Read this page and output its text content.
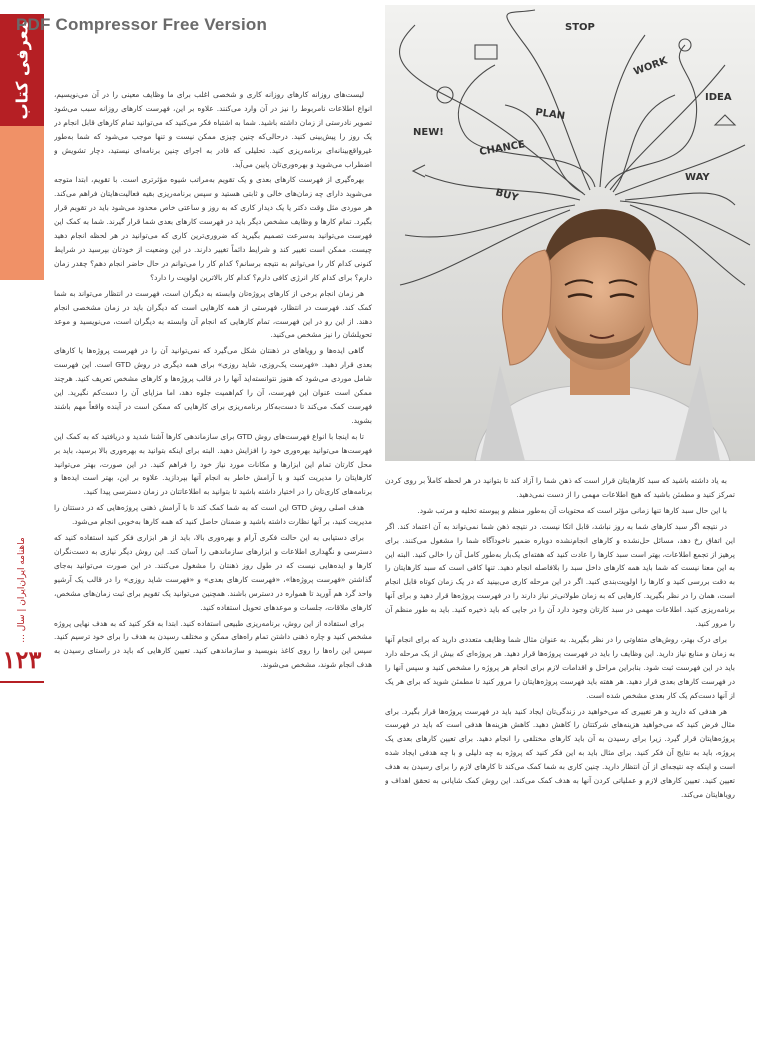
معرفی کتاب
ماهنامه ایران‌ایران | سال ...
۱۲۳
PDF Compressor Free Version

لیست‌های روزانه کارهای روزانه کاری و شخصی اغلب برای ما وظایف معینی را در آن می‌نویسیم، انواع اطلاعات نامربوط را نیز در آن وارد می‌کنند. علاوه بر این، فهرست کارهای روزانه سبب می‌شود تصویر نادرستی از زمان داشته باشید. شما به اشتباه فکر می‌کنید که می‌توانید تمام کارهای قابل انجام در یک روز را پیش‌بینی کنید. درحالی‌که چنین چیزی ممکن نیست و تنها موجب می‌شود که شما به‌طور غیرواقع‌بینانه‌ای برنامه‌ریزی کنید. تحلیلی که قادر به اجرای چنین برنامه‌ای نیستید، دچار تشویش و اضطراب می‌شوید و بهره‌وری‌تان پایین می‌آید.

بهره‌گیری از فهرست کارهای بعدی و یک تقویم به‌مراتب شیوه مؤثرتری است. با تقویم، ابتدا متوجه می‌شوید دارای چه زمان‌های خالی و ثابتی هستید و سپس برنامه‌ریزی بقیه فعالیت‌هایتان فراهم می‌کند. هر موردی مثل وقت دکتر یا یک دیدار کاری که به روز و ساعتی خاص محدود می‌شود باید در تقویم قرار بگیرد. تمام کارها و وظایف مشخص دیگر باید در فهرست کارهای بعدی شما قرار گیرند. شما به کمک این فهرست می‌توانید به‌سرعت تصمیم بگیرید که ضروری‌ترین کاری که می‌توانید در هر لحظه انجام دهید چیست. ممکن است تغییر کند و شرایط دائماً تغییر دارند. در این وضعیت از خودتان بپرسید در شرایط کنونی کدام کار را می‌توانم به نتیجه برسانم؟ کدام کار را می‌توانم در حال حاضر انجام دهم؟ چقدر زمان دارم؟ برای کدام کار انرژی کافی دارم؟ کدام کار بالاترین اولویت را دارد؟

هر زمان انجام برخی از کارهای پروژه‌تان وابسته به دیگران است، فهرست در انتظار می‌تواند به شما کمک کند. فهرست در انتظار، فهرستی از همه کارهایی است که دیگران باید در زمان مشخصی انجام دهند. از این رو در این فهرست، تمام کارهایی که انجام آن وابسته به دیگران است، می‌نویسید و موعد تحویلشان را نیز مشخص می‌کنید.

گاهی ایده‌ها و رویاهای در ذهنتان شکل می‌گیرد که نمی‌توانید آن را در فهرست پروژه‌ها یا کارهای بعدی قرار دهید. «فهرست یک‌روزی، شاید روزی» برای همه دیگری در روش GTD است. این فهرست شامل موردی می‌شود که هنوز نتوانسته‌اید آنها را در قالب پروژه‌ها و کارهای مشخص تعریف کنید. هرچند ممکن است عنوان این فهرست، آن را کم‌اهمیت جلوه دهد، اما مزایای آن را دست‌کم نگیرید. این فهرست کمک می‌کند تا دست‌به‌کار برنامه‌ریزی برای کارهایی که ممکن است در آینده واقعاً مهم باشند بشوید.

تا به اینجا با انواع فهرست‌های روش GTD برای سازماندهی کارها آشنا شدید و دریافتید که به کمک این فهرست‌ها می‌توانید بهره‌وری خود را افزایش دهید. البته برای اینکه بتوانید به بهره‌وری بالا برسید، باید بر محل کارتان تمام این ابزارها و مکانات مورد نیاز خود را فراهم کنید. در این صورت، بهتر می‌توانید کارهایتان را مدیریت کنید و با آرامش خاطر به انجام آنها بپردازید. علاوه بر این، بهتر است ایده‌ها و برنامه‌های کاری‌تان را در اختیار داشته باشید تا بتوانید به اطلاعاتتان در زمان دسترسی پیدا کنید.

هدف اصلی روش GTD این است که به شما کمک کند تا با آرامش ذهنی پروژه‌هایی که در دستتان را مدیریت کنید، بر آنها نظارت داشته باشید و ضمنان حاصل کنید که همه کارها به‌خوبی انجام می‌شود.

برای دستیابی به این حالت فکری آرام و بهره‌وری بالا، باید از هر ابزاری فکر کنید استفاده کنید که دسترسی و نگهداری اطلاعات و ابزارهای سازماندهی را آسان کند. این روش دیگر نیازی به دست‌نگران کارها و ایده‌هایی نیست که در طول روز ذهنتان را مشغول می‌کنند. در این صورت می‌توانید به‌جای گذاشتن «فهرست پروژه‌ها»، «فهرست کارهای بعدی» و «فهرست شاید روزی» را در قالب یک آرشیو واحد گرد هم آورید تا همواره در دسترس باشند. همچنین می‌توانید یک تقویم برای ثبت زمان‌های مشخص، کارهای ملاقات، جلسات و موعدهای تحویل استفاده کنید.

برای استفاده از این روش، برنامه‌ریزی طبیعی استفاده کنید. ابتدا به فکر کنید که به هدف نهایی پروژه مشخص کنید و چاره ذهنی داشتن تمام راه‌های ممکن و مختلف رسیدن به هدف را برای خود ترسیم کنید. سپس این راه‌ها را روی کاغذ بنویسید و سازماندهی کنید. تعیین کارهایی که باید در راستای رسیدن به هدف انجام شوند، مشخص می‌شوند.

WORK
BUY
STOP
NEW!
CHANCE
WAY
PLAN
IDEA

به یاد داشته باشید که سبد کارهایتان قرار است که ذهن شما را آزاد کند تا بتوانید در هر لحظه کاملاً بر روی کردن تمرکز کنید و مطمئن باشید که هیچ اطلاعات مهمی را از دست نمی‌دهید.

با این حال سبد کارها تنها زمانی مؤثر است که محتویات آن به‌طور منظم و پیوسته تخلیه و مرتب شود.

در نتیجه اگر سبد کارهای شما به روز نباشد، قابل اتکا نیست. در نتیجه ذهن شما نمی‌تواند به آن اعتماد کند. اگر این اتفاق رخ دهد، مسائل حل‌نشده و کارهای انجام‌نشده دوباره ضمیر ناخودآگاه شما را مشغول می‌کنند. برای پرهیز از تجمع اطلاعات، بهتر است سبد کارها را عادت کنید که هفته‌ای یک‌بار به‌طور کامل آن را خالی کنید. البته این به این معنا نیست که شما باید همه کارهای داخل سبد را بلافاصله انجام دهید. تنها کافی است که سبد کارهایتان را به دقت بررسی کنید و کارها را اولویت‌بندی کنید. اگر در این مرحله کاری می‌بینید که در یک زمان کوتاه قابل انجام است، همان را در نظر بگیرید. کارهایی که به زمان طولانی‌تر نیاز دارند را در فهرست پروژه‌ها قرار دهید و برای آنها برنامه‌ریزی کنید. اطلاعات مهمی در سبد کارتان وجود دارد آن را در جایی که باید ذخیره کنید. باید به طور منظم آن را مرور کنید.

برای درک بهتر، روش‌های متفاوتی را در نظر بگیرید. به عنوان مثال شما وظایف متعددی دارید که برای انجام آنها به زمان و منابع نیاز دارید. این وظایف را باید در فهرست پروژه‌ها قرار دهید. هر پروژه‌ای که بیش از یک مرحله دارد باید در این فهرست ثبت شود. بنابراین مراحل و اقدامات لازم برای انجام هر پروژه را مشخص کنید و سپس آنها را در فهرست کارهای بعدی قرار دهید. هر هفته باید فهرست پروژه‌هایتان را مرور کنید تا مطمئن شوید که برای هر یک از آنها دست‌کم یک کار بعدی مشخص شده است.

هر هدفی که دارید و هر تغییری که می‌خواهید در زندگی‌تان ایجاد کنید باید در فهرست پروژه‌ها قرار بگیرد. برای مثال فرض کنید که می‌خواهید هزینه‌های شرکتتان را کاهش دهید. کاهش هزینه‌ها هدفی است که باید در فهرست پروژه‌هایتان قرار گیرد. زیرا برای رسیدن به آن باید کارهای مختلفی را انجام دهید. برای تعیین کارهای بعدی یک پروژه، باید به نتایج آن فکر کنید. برای مثال باید به این فکر کنید که پروژه به چه دلیلی و با چه هدفی ایجاد شده است و اینکه چه نتیجه‌ای از آن انتظار دارید. چنین کاری به شما کمک می‌کند تا کارهای لازم را برای رسیدن به هدف تعیین کنید. تعیین کارهای لازم و عملیاتی کردن آنها به هدف کمک می‌کند. این روش کمک شایانی به تحقق اهداف و رویاهایتان می‌کند.
